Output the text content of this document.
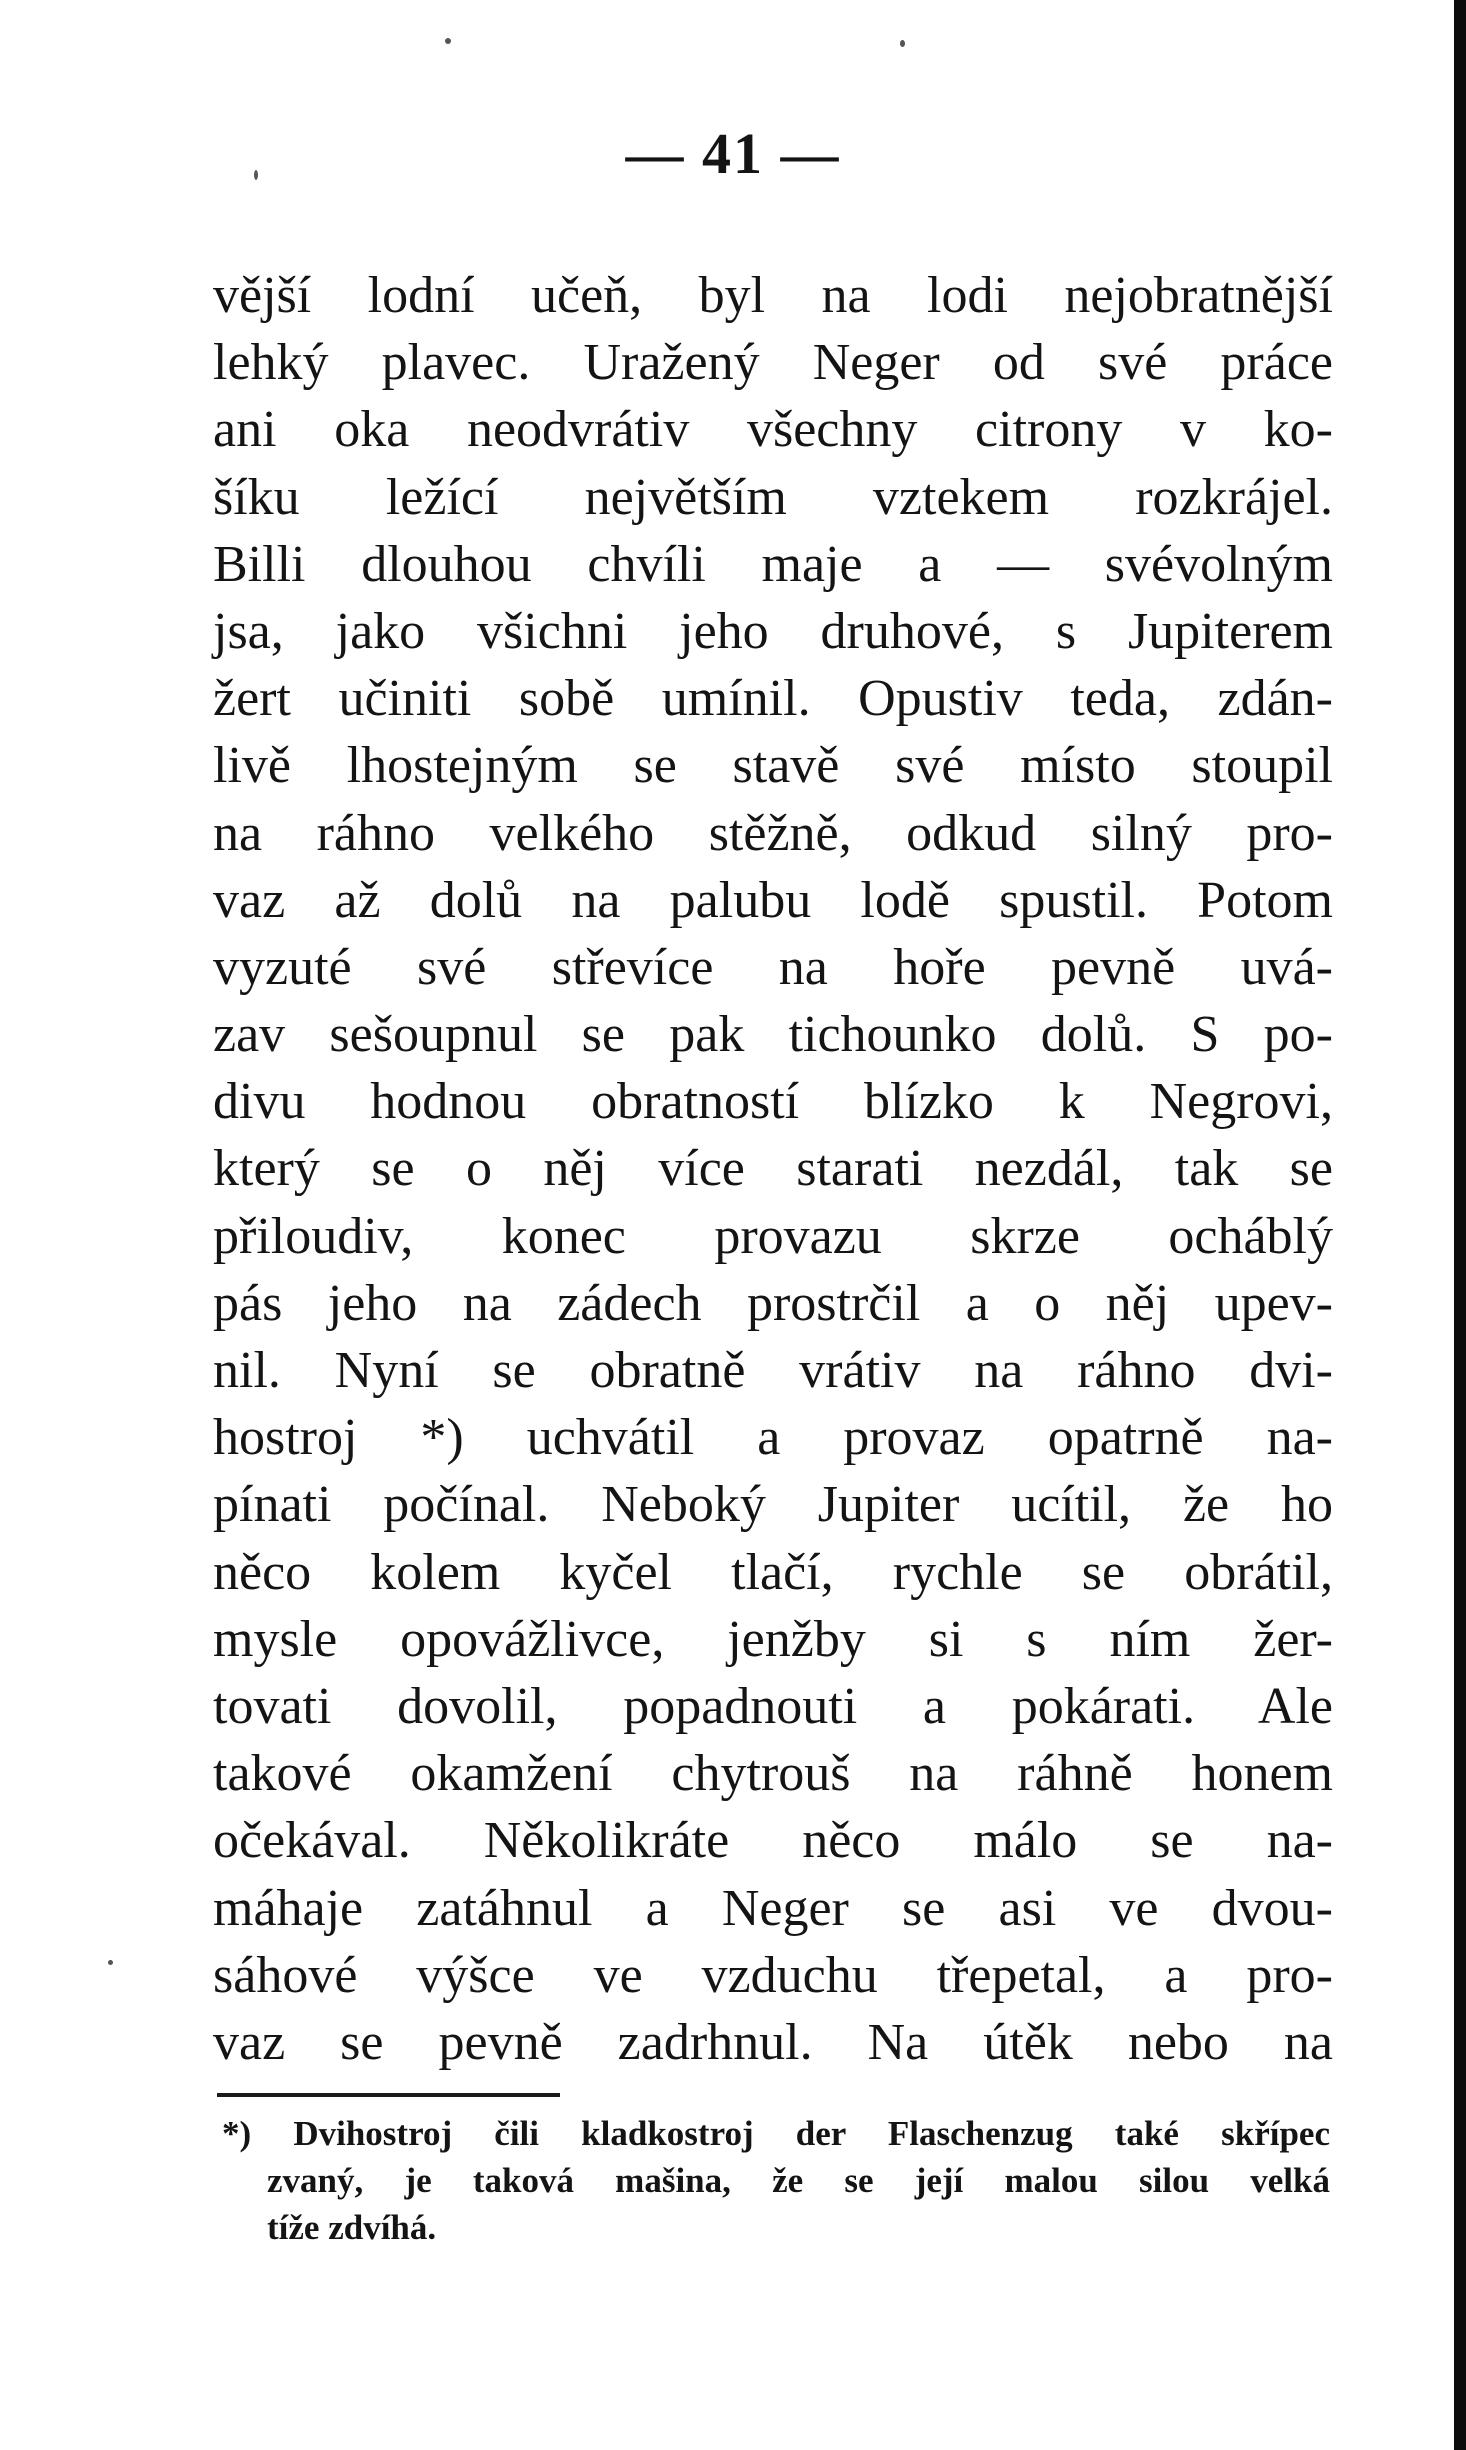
— 41 —
vější lodní učeň, byl na lodi nejobratnější
lehký plavec. Uražený Neger od své práce
ani oka neodvrátiv všechny citrony v ko-
šíku ležící největším vztekem rozkrájel.
Billi dlouhou chvíli maje a — svévolným
jsa, jako všichni jeho druhové, s Jupiterem
žert učiniti sobě umínil. Opustiv teda, zdán-
livě lhostejným se stavě své místo stoupil
na ráhno velkého stěžně, odkud silný pro-
vaz až dolů na palubu lodě spustil. Potom
vyzuté své střevíce na hoře pevně uvá-
zav sešoupnul se pak tichounko dolů. S po-
divu hodnou obratností blízko k Negrovi,
který se o něj více starati nezdál, tak se
přiloudiv, konec provazu skrze ocháblý
pás jeho na zádech prostrčil a o něj upev-
nil. Nyní se obratně vrátiv na ráhno dvi-
hostroj *) uchvátil a provaz opatrně na-
pínati počínal. Neboký Jupiter ucítil, že ho
něco kolem kyčel tlačí, rychle se obrátil,
mysle opovážlivce, jenžby si s ním žer-
tovati dovolil, popadnouti a pokárati. Ale
takové okamžení chytrouš na ráhně honem
očekával. Několikráte něco málo se na-
máhaje zatáhnul a Neger se asi ve dvou-
sáhové výšce ve vzduchu třepetal, a pro-
vaz se pevně zadrhnul. Na útěk nebo na
*) Dvihostroj čili kladkostroj der Flaschenzug také skřípec
zvaný, je taková mašina, že se její malou silou velká
tíže zdvíhá.
